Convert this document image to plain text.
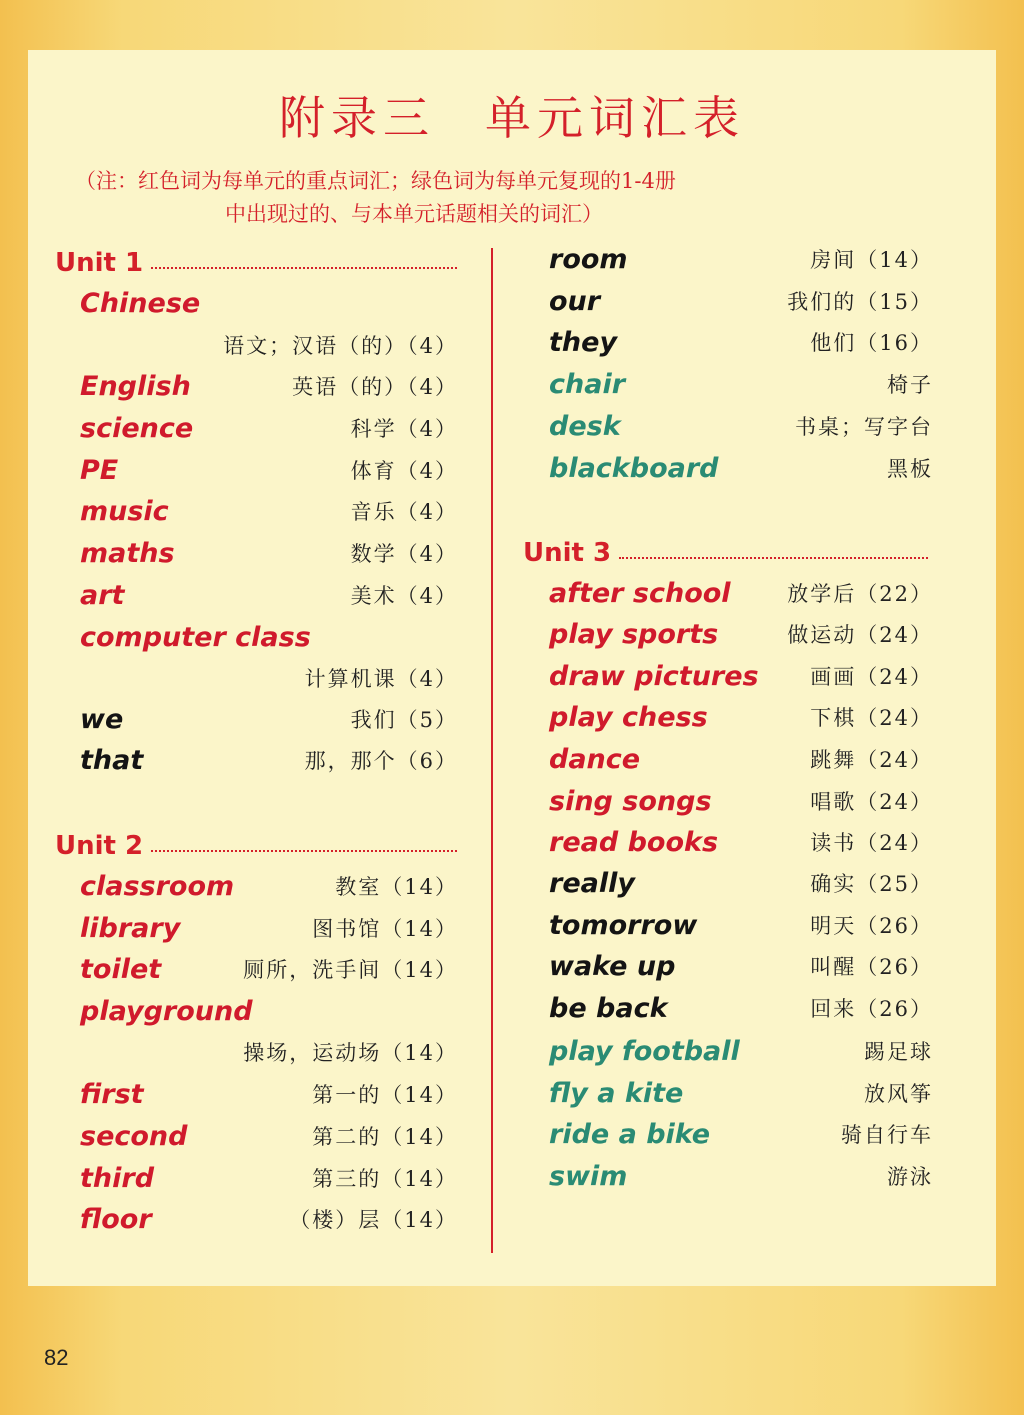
附录三 单元词汇表
（注：红色词为每单元的重点词汇；绿色词为每单元复现的1-4册
中出现过的、与本单元话题相关的词汇）
Unit 1
Unit 2
Unit 3
Chinese
语文；汉语（的）（4）
English	英语（的）（4）
science	科学（4）
PE	体育（4）
music	音乐（4）
maths	数学（4）
art	美术（4）
computer class
计算机课（4）
we	我们（5）
that	那，那个（6）
classroom	教室（14）
library	图书馆（14）
toilet	厕所，洗手间（14）
playground
操场，运动场（14）
first	第一的（14）
second	第二的（14）
third	第三的（14）
floor	（楼）层（14）
room	房间（14）
our	我们的（15）
they	他们（16）
chair	椅子
desk	书桌；写字台
blackboard	黑板
after school	放学后（22）
play sports	做运动（24）
draw pictures 画画（24）
play chess	下棋（24）
dance	跳舞（24）
sing songs	唱歌（24）
read books	读书（24）
really	确实（25）
tomorrow	明天（26）
wake up	叫醒（26）
be back	回来（26）
play football	踢足球
fly a kite	放风筝
ride a bike	骑自行车
swim	游泳
82
